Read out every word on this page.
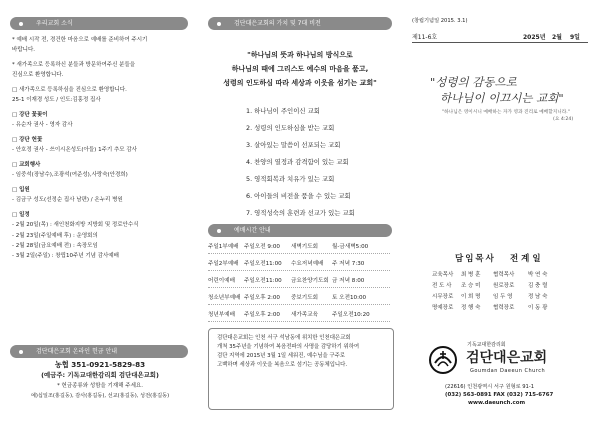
우리교회 소식
* 예배 시작 전, 경건한 마음으로 예배를 준비하여 주시기
바랍니다.
* 새가족으로 등록하신 분들과 방문하여주신 분들을
진심으로 환영합니다.
□ 새가족으로 등록하심을 진심으로 환영합니다.
25-1 이재경 성도 / 인도:김홍정 집사
□ 강단 꽃꽂이
- 유순자 권사 - 영자 감사
□ 강단 헌꽃
- 안호정 권사 - 쓰이시온성도(아들) 1주기 추모 감사
□ 교회행사
- 임중석(장남수),조광석(여준성),사랑숙(안경희)
□ 입원
- 김금구 성도(선정순 집사 남편) / 온누리 병원
□ 일정
- 2월 20일(목) : 새인천화지방 지방회 및 정로안수식
- 2월 23일(주일예배 후) : 운영회의
- 2월 28일(금요예배 전) : 속장모임
- 3월 2일(주일) : 창립10주년 기념 감사예배
검단대은교회 온라인 헌금 안내
농협 351-0921-5829-83
(예금주: 기독교대한감리회 검단대은교회)
* 헌금종류와 성함을 기재해 주세요.
예)십일조(홍길동), 감사(홍길동), 선교(홍길동), 성전(홍길동)
검단대은교회의 가치 및 7대 비전
"하나님의 뜻과 하나님의 방식으로
하나님의 때에 그리스도 예수의 마음을 품고,
성령의 인도하심 따라 세상과 이웃을 섬기는 교회"
1. 하나님이 주인이신 교회
2. 성령의 인도하심을 받는 교회
3. 살아있는 말씀이 선포되는 교회
4. 찬양의 열정과 감격함이 있는 교회
5. 영적회복과 치유가 있는 교회
6. 아이들의 비전을 품을 수 있는 교회
7. 영적성숙의 훈련과 선교가 있는 교회
예배시간 안내
주일1부예배 주일오전 9:00 새벽기도회 월-금새벽5:00
주일2부예배 주일오전11:00 수요저녁예배 주 저녁 7:30
어린이예배 주일오전11:00 금요찬양기도회 금 저녁 8:00
청소년부예배 주일오후 2:00 중보기도회 토 오전10:00
청년부예배 주일오후 2:00 새가족교육 주일오전10:20

검단대은교회는 인천 서구 석남동에 위치한 인천대은교회

개척 35주년을 기념하여 복음전파의 사명을 감당하기 위하여

검단 지역에 2015년 3월 1일 세워진, 예수님을 구주로

고백하며 세상과 이웃을 복음으로 섬기는 공동체입니다.

(창립기념일 2015. 3.1)
제11-6호	2025년 2월 9일
"성령의 감동으로
하나님이 이끄시는 교회"
"하나님은 영이시니 예배하는 자가 영과 진리로 예배할지니라."
(요 4:24)
담임목사 전 계 일
교육목사 최 병 훈 협력목사 박 연 숙
전 도 사 조 승 미 원로장로 김 충 렬
시무장로 이 희 명 임 두 영	정 남 숙
명예장로 정 행 숙 협력장로 이 동 광
기독교대한감리회
검단대은교회
Goumdan Daeeun Church
(22616) 인천광역시 서구 원형로 91-1
(032) 563-0891 FAX (032) 715-6767
www.daeunch.com
